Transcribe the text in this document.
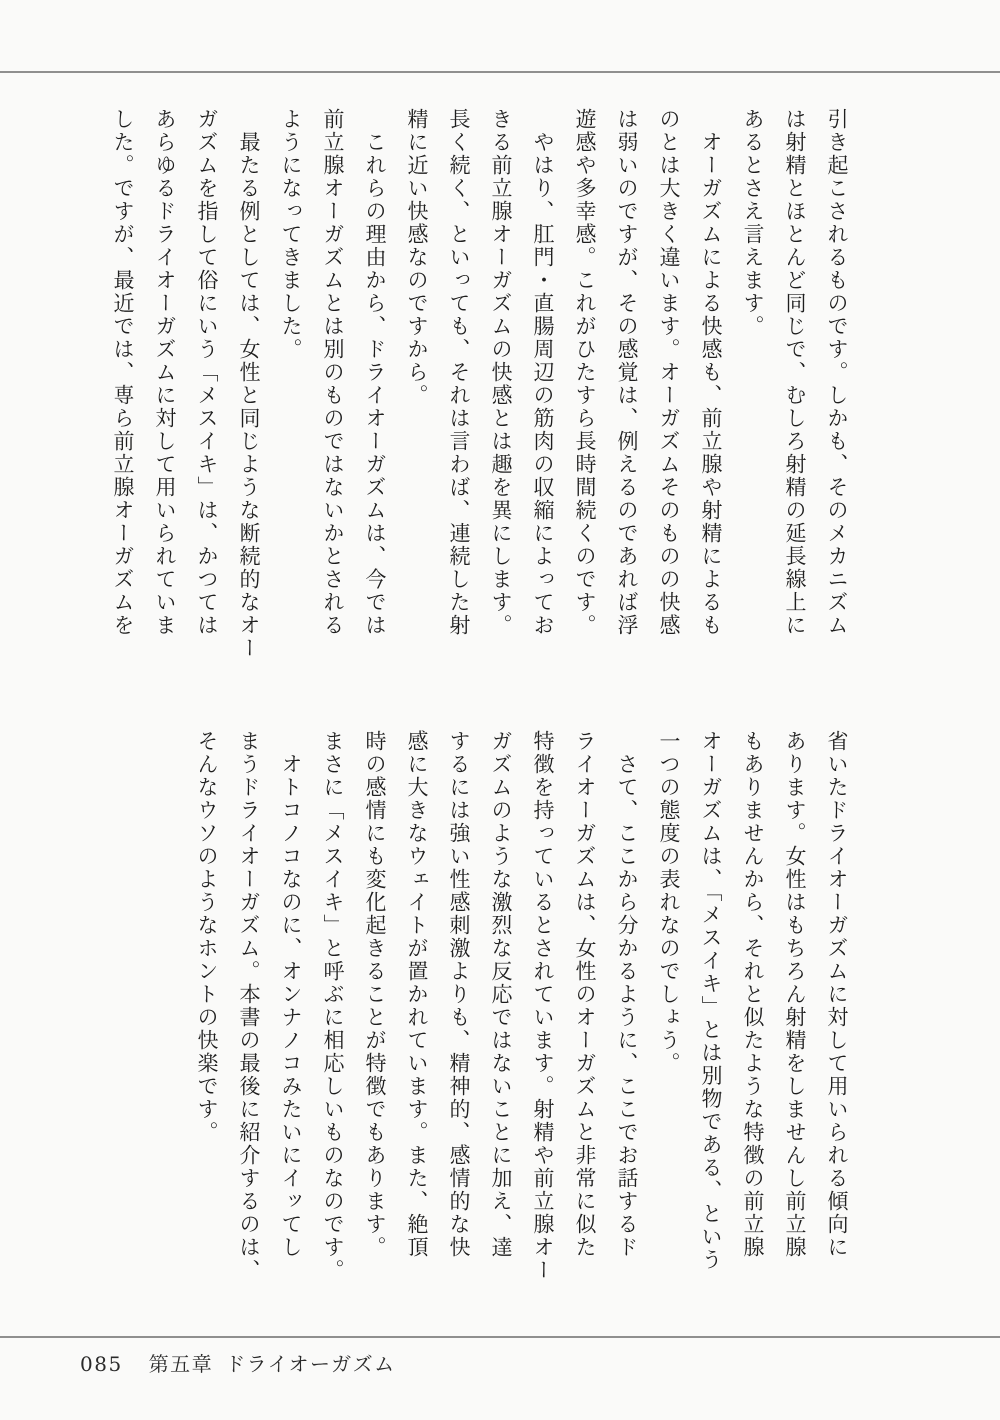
引き起こされるものです。しかも、そのメカニズム

は射精とほとんど同じで、むしろ射精の延長線上に

あるとさえ言えます。

　オーガズムによる快感も、前立腺や射精によるも

のとは大きく違います。オーガズムそのものの快感

は弱いのですが、その感覚は、例えるのであれば浮

遊感や多幸感。これがひたすら長時間続くのです。

　やはり、肛門・直腸周辺の筋肉の収縮によってお

きる前立腺オーガズムの快感とは趣を異にします。

長く続く、といっても、それは言わば、連続した射

精に近い快感なのですから。

　これらの理由から、ドライオーガズムは、今では

前立腺オーガズムとは別のものではないかとされる

ようになってきました。

　最たる例としては、女性と同じような断続的なオー

ガズムを指して俗にいう「メスイキ」は、かつては

あらゆるドライオーガズムに対して用いられていま

した。ですが、最近では、専ら前立腺オーガズムを

省いたドライオーガズムに対して用いられる傾向に

あります。女性はもちろん射精をしませんし前立腺

もありませんから、それと似たような特徴の前立腺

オーガズムは、「メスイキ」とは別物である、という

一つの態度の表れなのでしょう。

　さて、ここから分かるように、ここでお話するド

ライオーガズムは、女性のオーガズムと非常に似た

特徴を持っているとされています。射精や前立腺オー

ガズムのような激烈な反応ではないことに加え、達

するには強い性感刺激よりも、精神的、感情的な快

感に大きなウェイトが置かれています。また、絶頂

時の感情にも変化起きることが特徴でもあります。

まさに「メスイキ」と呼ぶに相応しいものなのです。

　オトコノコなのに、オンナノコみたいにイッてし

まうドライオーガズム。本書の最後に紹介するのは、

そんなウソのようなホントの快楽です。

085 第五章 ドライオーガズム
